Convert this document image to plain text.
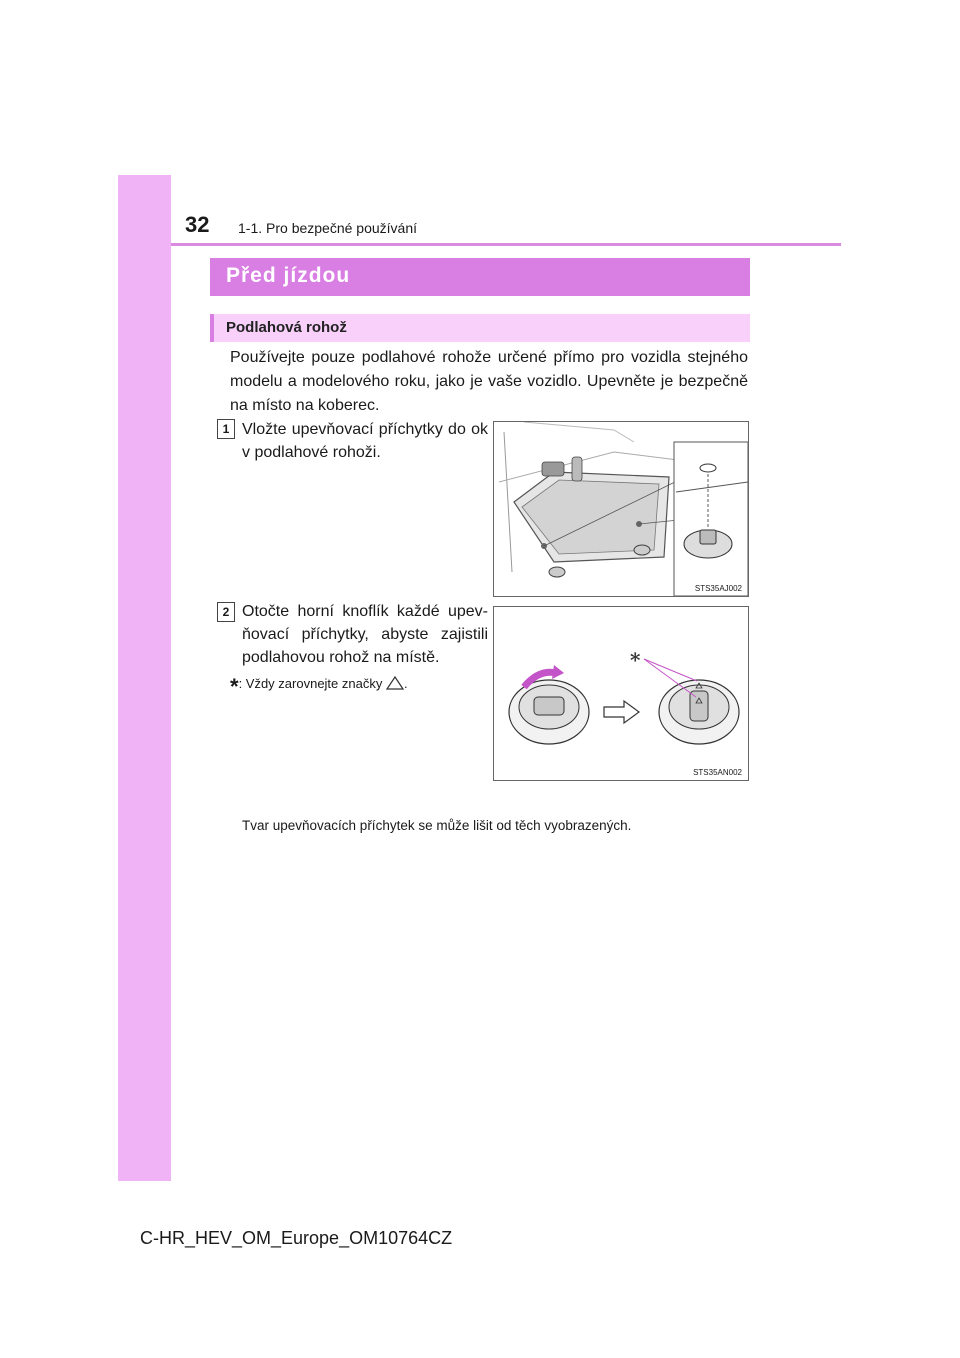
32 1-1. Pro bezpečné používání
Před jízdou
Podlahová rohož
Používejte pouze podlahové rohože určené přímo pro vozidla stejného modelu a modelového roku, jako je vaše vozidlo. Upevněte je bezpečně na místo na koberec.
1 Vložte upevňovací příchytky do ok v podlahové rohoži.
STS35AJ002
2 Otočte horní knoflík každé upev- ňovací příchytky, abyste zajistili podlahovou rohož na místě.
*: Vždy zarovnejte značky .
*
STS35AN002
Tvar upevňovacích příchytek se může lišit od těch vyobrazených.
C-HR_HEV_OM_Europe_OM10764CZ
